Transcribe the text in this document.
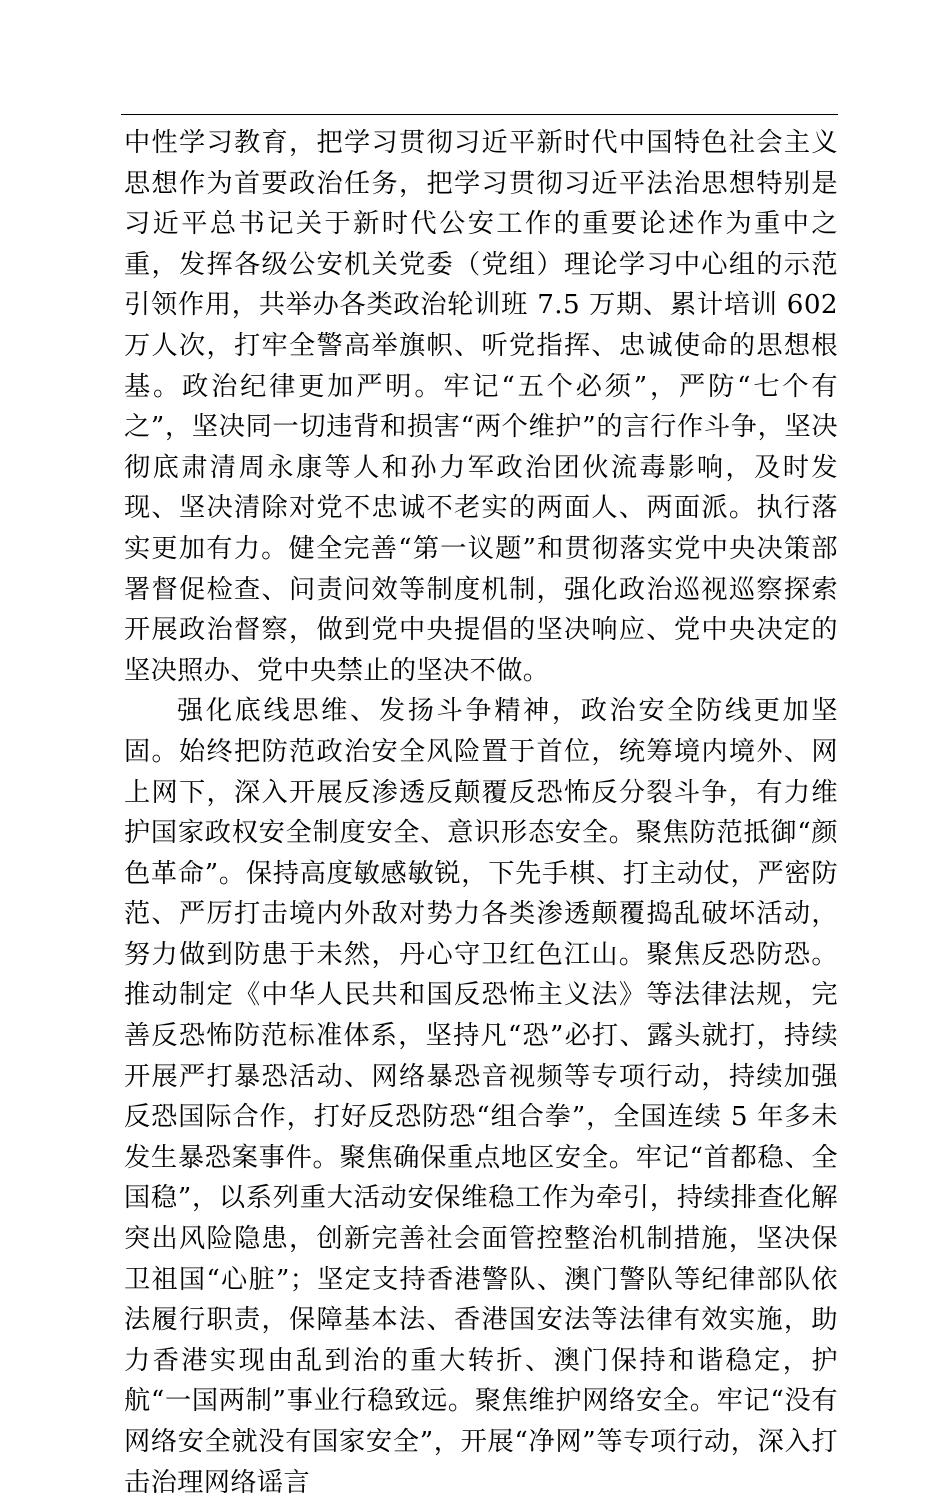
中性学习教育，把学习贯彻习近平新时代中国特色社会主义思想作为首要政治任务，把学习贯彻习近平法治思想特别是习近平总书记关于新时代公安工作的重要论述作为重中之重，发挥各级公安机关党委（党组）理论学习中心组的示范引领作用，共举办各类政治轮训班 7.5 万期、累计培训 602 万人次，打牢全警高举旗帜、听党指挥、忠诚使命的思想根基。政治纪律更加严明。牢记“五个必须”，严防“七个有之”，坚决同一切违背和损害“两个维护”的言行作斗争，坚决彻底肃清周永康等人和孙力军政治团伙流毒影响，及时发现、坚决清除对党不忠诚不老实的两面人、两面派。执行落实更加有力。健全完善“第一议题”和贯彻落实党中央决策部署督促检查、问责问效等制度机制，强化政治巡视巡察探索开展政治督察，做到党中央提倡的坚决响应、党中央决定的坚决照办、党中央禁止的坚决不做。

强化底线思维、发扬斗争精神，政治安全防线更加坚固。始终把防范政治安全风险置于首位，统筹境内境外、网上网下，深入开展反渗透反颠覆反恐怖反分裂斗争，有力维护国家政权安全制度安全、意识形态安全。聚焦防范抵御“颜色革命”。保持高度敏感敏锐，下先手棋、打主动仗，严密防范、严厉打击境内外敌对势力各类渗透颠覆捣乱破坏活动，努力做到防患于未然，丹心守卫红色江山。聚焦反恐防恐。推动制定《中华人民共和国反恐怖主义法》等法律法规，完善反恐怖防范标准体系，坚持凡“恐”必打、露头就打，持续开展严打暴恐活动、网络暴恐音视频等专项行动，持续加强反恐国际合作，打好反恐防恐“组合拳”，全国连续 5 年多未发生暴恐案事件。聚焦确保重点地区安全。牢记“首都稳、全国稳”，以系列重大活动安保维稳工作为牵引，持续排查化解突出风险隐患，创新完善社会面管控整治机制措施，坚决保卫祖国“心脏”；坚定支持香港警队、澳门警队等纪律部队依法履行职责，保障基本法、香港国安法等法律有效实施，助力香港实现由乱到治的重大转折、澳门保持和谐稳定，护航“一国两制”事业行稳致远。聚焦维护网络安全。牢记“没有网络安全就没有国家安全”，开展“净网”等专项行动，深入打击治理网络谣言
